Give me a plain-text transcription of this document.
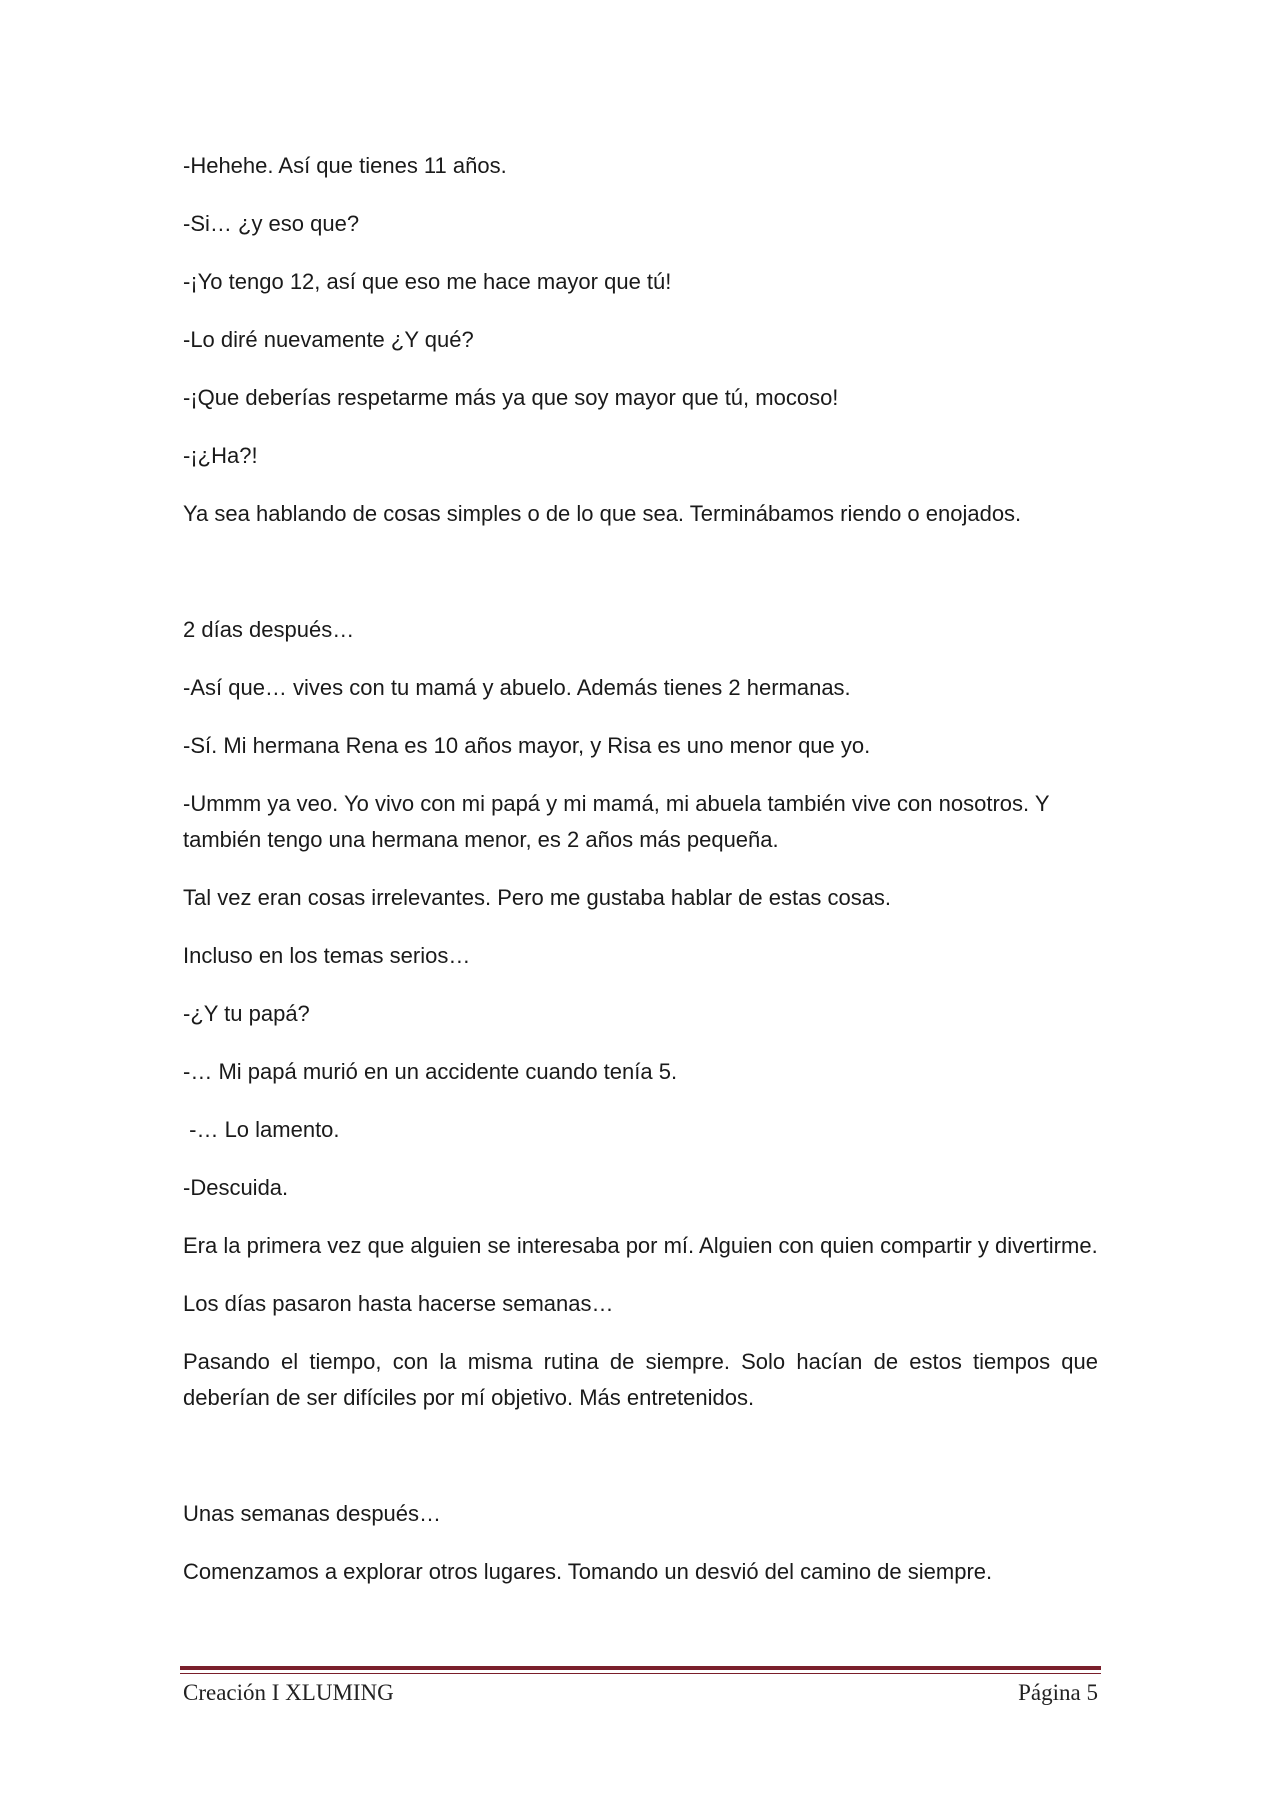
-Hehehe. Así que tienes 11 años.

-Si… ¿y eso que?

-¡Yo tengo 12, así que eso me hace mayor que tú!

-Lo diré nuevamente ¿Y qué?

-¡Que deberías respetarme más ya que soy mayor que tú, mocoso!

-¡¿Ha?!

Ya sea hablando de cosas simples o de lo que sea. Terminábamos riendo o enojados.

2 días después…

-Así que… vives con tu mamá y abuelo. Además tienes 2 hermanas.

-Sí. Mi hermana Rena es 10 años mayor, y Risa es uno menor que yo.

-Ummm ya veo. Yo vivo con mi papá y mi mamá, mi abuela también vive con nosotros. Y también tengo una hermana menor, es 2 años más pequeña.

Tal vez eran cosas irrelevantes. Pero me gustaba hablar de estas cosas.

Incluso en los temas serios…

-¿Y tu papá?

-… Mi papá murió en un accidente cuando tenía 5.

-… Lo lamento.

-Descuida.

Era la primera vez que alguien se interesaba por mí. Alguien con quien compartir y divertirme.

Los días pasaron hasta hacerse semanas…

Pasando el tiempo, con la misma rutina de siempre. Solo hacían de estos tiempos que deberían de ser difíciles por mí objetivo. Más entretenidos.

Unas semanas después…

Comenzamos a explorar otros lugares. Tomando un desvió del camino de siempre.

Creación I XLUMING	Página 5
